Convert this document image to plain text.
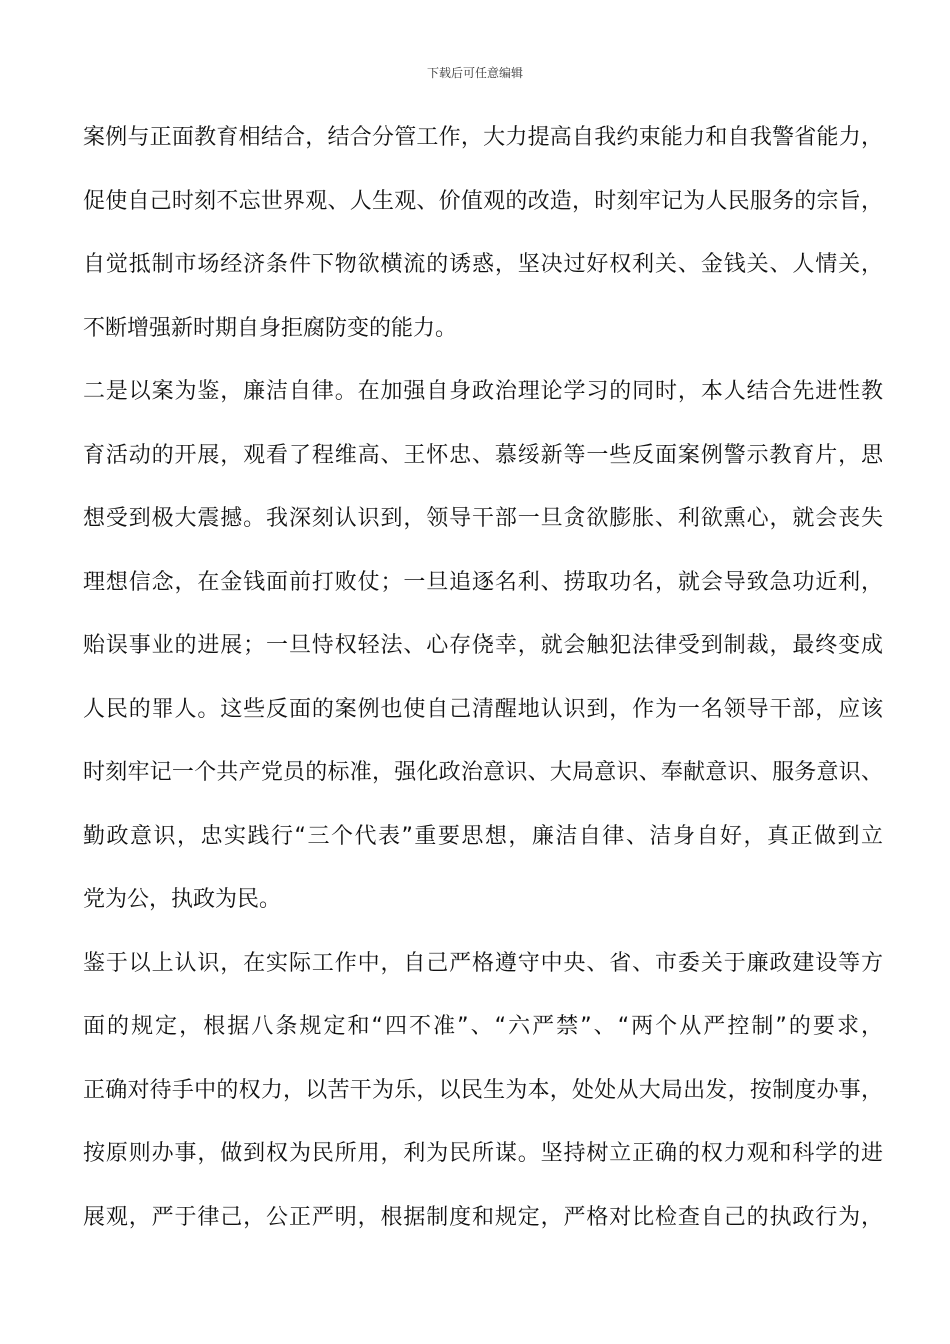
下载后可任意编辑
案例与正面教育相结合，结合分管工作，大力提高自我约束能力和自我警省能力，
促使自己时刻不忘世界观、人生观、价值观的改造，时刻牢记为人民服务的宗旨，
自觉抵制市场经济条件下物欲横流的诱惑，坚决过好权利关、金钱关、人情关，
不断增强新时期自身拒腐防变的能力。
二是以案为鉴，廉洁自律。在加强自身政治理论学习的同时，本人结合先进性教
育活动的开展，观看了程维高、王怀忠、慕绥新等一些反面案例警示教育片，思
想受到极大震撼。我深刻认识到，领导干部一旦贪欲膨胀、利欲熏心，就会丧失
理想信念，在金钱面前打败仗；一旦追逐名利、捞取功名，就会导致急功近利，
贻误事业的进展；一旦恃权轻法、心存侥幸，就会触犯法律受到制裁，最终变成
人民的罪人。这些反面的案例也使自己清醒地认识到，作为一名领导干部，应该
时刻牢记一个共产党员的标准，强化政治意识、大局意识、奉献意识、服务意识、
勤政意识，忠实践行“三个代表”重要思想，廉洁自律、洁身自好，真正做到立
党为公，执政为民。
鉴于以上认识，在实际工作中，自己严格遵守中央、省、市委关于廉政建设等方
面的规定，根据八条规定和“四不准”、“六严禁”、“两个从严控制”的要求，
正确对待手中的权力，以苦干为乐，以民生为本，处处从大局出发，按制度办事，
按原则办事，做到权为民所用，利为民所谋。坚持树立正确的权力观和科学的进
展观，严于律己，公正严明，根据制度和规定，严格对比检查自己的执政行为，
